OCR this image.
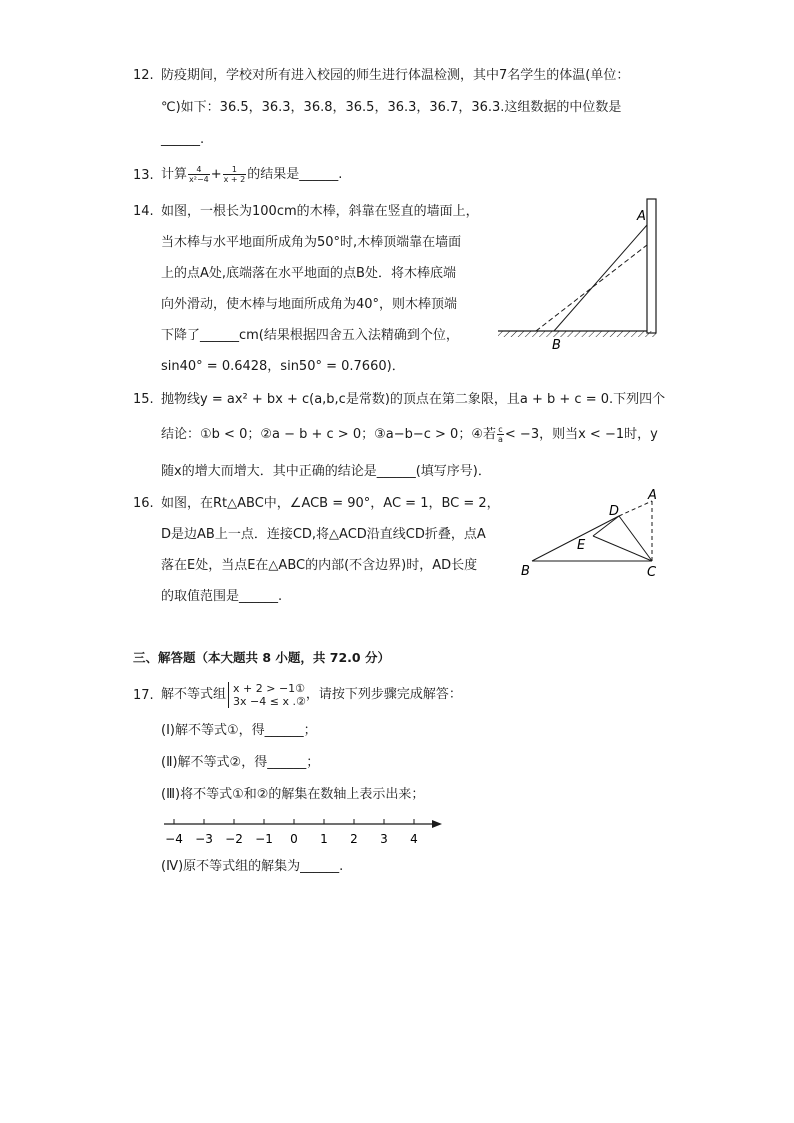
12. 防疫期间，学校对所有进入校园的师生进行体温检测，其中7名学生的体温(单位：
℃)如下：36.5，36.3，36.8，36.5，36.3，36.7，36.3.这组数据的中位数是
______.
13. 计算 $\frac{4}{\text{x²−4}} + \frac{1}{x + 2}$ 的结果是______.
14. 如图，一根长为100cm的木棒，斜靠在竖直的墙面上，
当木棒与水平地面所成角为50°时,木棒顶端靠在墙面
上的点A处,底端落在水平地面的点B处．将木棒底端
向外滑动，使木棒与地面所成角为40°，则木棒顶端
下降了______cm(结果根据四舍五入法精确到个位，
sin40° = 0.6428，sin50° = 0.7660)．
A
B
15. 抛物线y = ax² + bx + c(a,b,c是常数)的顶点在第二象限，且a + b + c = 0.下列四个
结论：①b < 0；②a − b + c > 0；③a−b−c > 0；④若 $\frac{c}{a} < -3$，则当x < −1时，y
随x的增大而增大．其中正确的结论是______(填写序号)．
16. 如图，在Rt△ABC中，∠ACB = 90°，AC = 1，BC = 2，
D是边AB上一点．连接CD,将△ACD沿直线CD折叠，点A
落在E处，当点E在△ABC的内部(不含边界)时，AD长度
的取值范围是______.
A
B	C
D
E
三、解答题（本大题共 8 小题，共 72.0 分）
17. 解不等式组 x + 2 > −1①
3x −4 ≤ x .② ，请按下列步骤完成解答：
(Ⅰ)解不等式①，得______；
(Ⅱ)解不等式②，得______；
(Ⅲ)将不等式①和②的解集在数轴上表示出来；
−4 −3 −2 −1 0 1 2 3 4
(Ⅳ)原不等式组的解集为______.
